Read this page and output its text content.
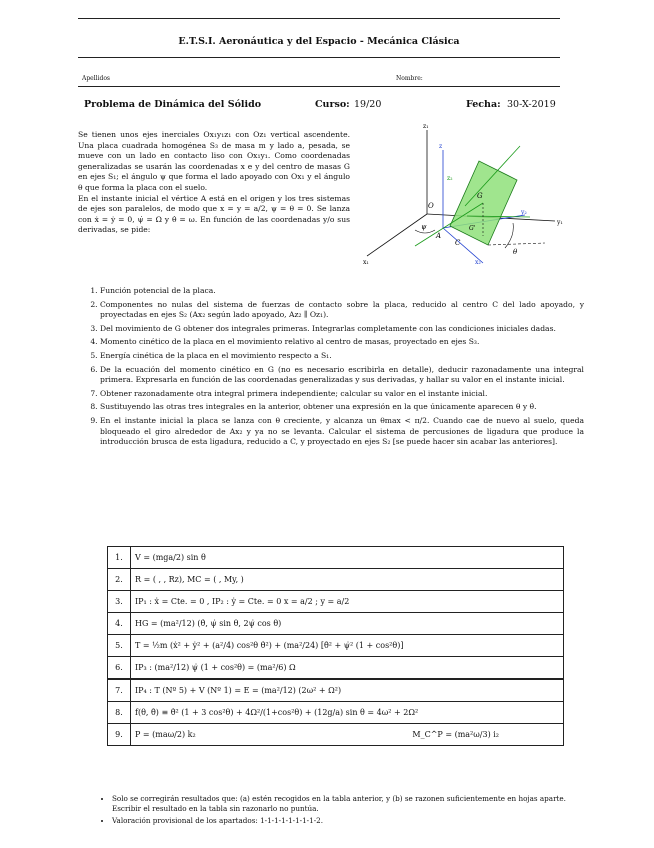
E.T.S.I. Aeronáutica y del Espacio - Mecánica Clásica
Apellidos	Nombre:
Problema de Dinámica del Sólido	Curso: 19/20	Fecha: 30-X-2019

Se tienen unos ejes inerciales Ox₁y₁z₁ con Oz₁ vertical ascendente. Una placa cuadrada homogénea S₃ de masa m y lado a, pesada, se mueve con un lado en contacto liso con Ox₁y₁. Como coordenadas generalizadas se usarán las coordenadas x e y del centro de masas G en ejes S₁; el ángulo ψ que forma el lado apoyado con Ox₁ y el ángulo θ que forma la placa con el suelo.

En el instante inicial el vértice A está en el origen y los tres sistemas de ejes son paralelos, de modo que x = y = a/2, ψ = θ = 0. Se lanza con ẋ = ẏ = 0, ψ̇ = Ω y θ̇ = ω. En función de las coordenadas y/o sus derivadas, se pide:

z₁
z
z₂
y₁
y₂
G
O
A
C
ψ
θ
x₁	x₂
G'
1. Función potencial de la placa.
2. Componentes no nulas del sistema de fuerzas de contacto sobre la placa, reducido al centro C del lado apoyado, y proyectadas en ejes S₂ (Ax₂ según lado apoyado, Az₂ ∥ Oz₁).
3. Del movimiento de G obtener dos integrales primeras. Integrarlas completamente con las condiciones iniciales dadas.
4. Momento cinético de la placa en el movimiento relativo al centro de masas, proyectado en ejes S₃.
5. Energía cinética de la placa en el movimiento respecto a S₁.
6. De la ecuación del momento cinético en G (no es necesario escribirla en detalle), deducir razonadamente una integral primera. Expresarla en función de las coordenadas generalizadas y sus derivadas, y hallar su valor en el instante inicial.
7. Obtener razonadamente otra integral primera independiente; calcular su valor en el instante inicial.
8. Sustituyendo las otras tres integrales en la anterior, obtener una expresión en la que únicamente aparecen θ y θ̇.
9. En el instante inicial la placa se lanza con θ creciente, y alcanza un θmax < π/2. Cuando cae de nuevo al suelo, queda bloqueado el giro alrededor de Ax₂ y ya no se levanta. Calcular el sistema de percusiones de ligadura que produce la introducción brusca de esta ligadura, reducido a C, y proyectado en ejes S₂ [se puede hacer sin acabar las anteriores].
1.	V = (mga/2) sin θ
2.	R = ( , , Rz), MC = ( , My, )
3.	IP₁ : ẋ = Cte. = 0 , IP₂ : ẏ = Cte. = 0 x = a/2 ; y = a/2
4.	HG = (ma²/12) (θ̇, ψ̇ sin θ, 2ψ̇ cos θ)
5.	T = ½m (ẋ² + ẏ² + (a²/4) cos²θ θ̇²) + (ma²/24) [θ̇² + ψ̇² (1 + cos²θ)]
6.	IP₃ : (ma²/12) ψ̇ (1 + cos²θ) = (ma²/6) Ω
7.	IP₄ : T (Nº 5) + V (Nº 1) = E = (ma²/12) (2ω² + Ω²)
8.	f(θ, θ̇) ≡ θ̇² (1 + 3 cos²θ) + 4Ω²/(1+cos²θ) + (12g/a) sin θ = 4ω² + 2Ω²
9.	P = (maω/2) k₂ M_C^P = (ma²ω/3) i₂
• Solo se corregirán resultados que: (a) estén recogidos en la tabla anterior, y (b) se razonen suficientemente en hojas aparte. Escribir el resultado en la tabla sin razonarlo no puntúa.
• Valoración provisional de los apartados: 1-1-1-1-1-1-1-1-2.
